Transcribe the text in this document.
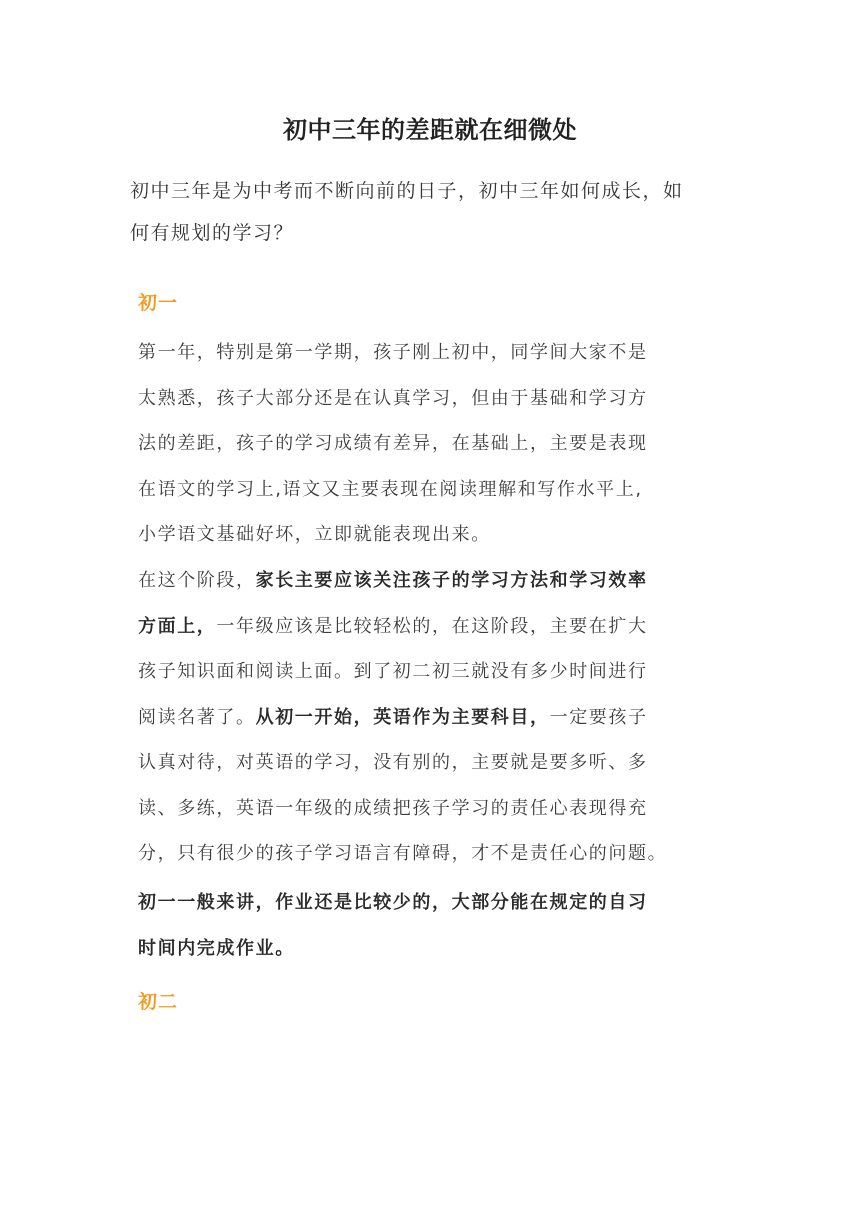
初中三年的差距就在细微处
初中三年是为中考而不断向前的日子，初中三年如何成长，如
何有规划的学习？
初一
第一年，特别是第一学期，孩子刚上初中，同学间大家不是
太熟悉，孩子大部分还是在认真学习，但由于基础和学习方
法的差距，孩子的学习成绩有差异，在基础上，主要是表现
在语文的学习上,语文又主要表现在阅读理解和写作水平上,
小学语文基础好坏，立即就能表现出来。
在这个阶段，家长主要应该关注孩子的学习方法和学习效率
方面上，一年级应该是比较轻松的，在这阶段，主要在扩大
孩子知识面和阅读上面。到了初二初三就没有多少时间进行
阅读名著了。从初一开始，英语作为主要科目，一定要孩子
认真对待，对英语的学习，没有别的，主要就是要多听、多
读、多练，英语一年级的成绩把孩子学习的责任心表现得充
分，只有很少的孩子学习语言有障碍，才不是责任心的问题。
初一一般来讲，作业还是比较少的，大部分能在规定的自习
时间内完成作业。
初二
